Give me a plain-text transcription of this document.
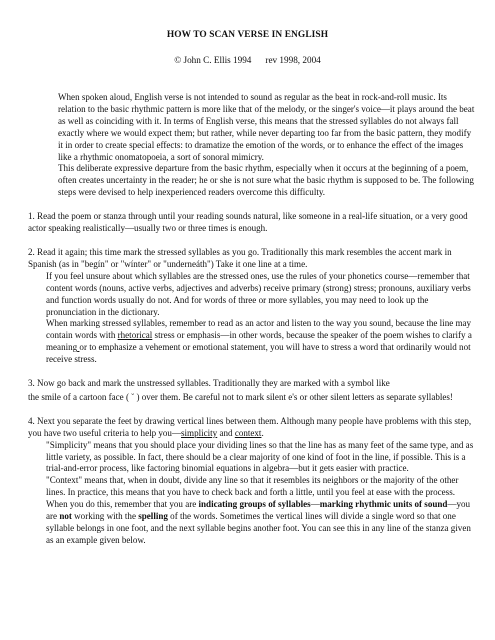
HOW TO SCAN VERSE IN ENGLISH
© John C. Ellis 1994 rev 1998, 2004

When spoken aloud, English verse is not intended to sound as regular as the beat in rock-and-roll music. Its relation to the basic rhythmic pattern is more like that of the melody, or the singer's voice—it plays around the beat as well as coinciding with it. In terms of English verse, this means that the stressed syllables do not always fall exactly where we would expect them; but rather, while never departing too far from the basic pattern, they modify it in order to create special effects: to dramatize the emotion of the words, or to enhance the effect of the images like a rhythmic onomatopoeia, a sort of sonoral mimicry.

This deliberate expressive departure from the basic rhythm, especially when it occurs at the beginning of a poem, often creates uncertainty in the reader; he or she is not sure what the basic rhythm is supposed to be. The following steps were devised to help inexperienced readers overcome this difficulty.

1. Read the poem or stanza through until your reading sounds natural, like someone in a real-life situation, or a very good actor speaking realistically—usually two or three times is enough.

2. Read it again; this time mark the stressed syllables as you go. Traditionally this mark resembles the accent mark in Spanish (as in "begín" or "wínter" or "underneáth") Take it one line at a time.

If you feel unsure about which syllables are the stressed ones, use the rules of your phonetics course—remember that content words (nouns, active verbs, adjectives and adverbs) receive primary (strong) stress; pronouns, auxiliary verbs and function words usually do not. And for words of three or more syllables, you may need to look up the pronunciation in the dictionary.

When marking stressed syllables, remember to read as an actor and listen to the way you sound, because the line may contain words with rhetorical stress or emphasis—in other words, because the speaker of the poem wishes to clarify a meaning or to emphasize a vehement or emotional statement, you will have to stress a word that ordinarily would not receive stress.

3. Now go back and mark the unstressed syllables. Traditionally they are marked with a symbol like

the smile of a cartoon face ( ˘ ) over them. Be careful not to mark silent e's or other silent letters as separate syllables!

4. Next you separate the feet by drawing vertical lines between them. Although many people have problems with this step, you have two useful criteria to help you—simplicity and context.

"Simplicity" means that you should place your dividing lines so that the line has as many feet of the same type, and as little variety, as possible. In fact, there should be a clear majority of one kind of foot in the line, if possible. This is a trial-and-error process, like factoring binomial equations in algebra—but it gets easier with practice.

"Context" means that, when in doubt, divide any line so that it resembles its neighbors or the majority of the other lines. In practice, this means that you have to check back and forth a little, until you feel at ease with the process.

When you do this, remember that you are indicating groups of syllables—marking rhythmic units of sound—you are not working with the spelling of the words. Sometimes the vertical lines will divide a single word so that one syllable belongs in one foot, and the next syllable begins another foot. You can see this in any line of the stanza given as an example given below.
